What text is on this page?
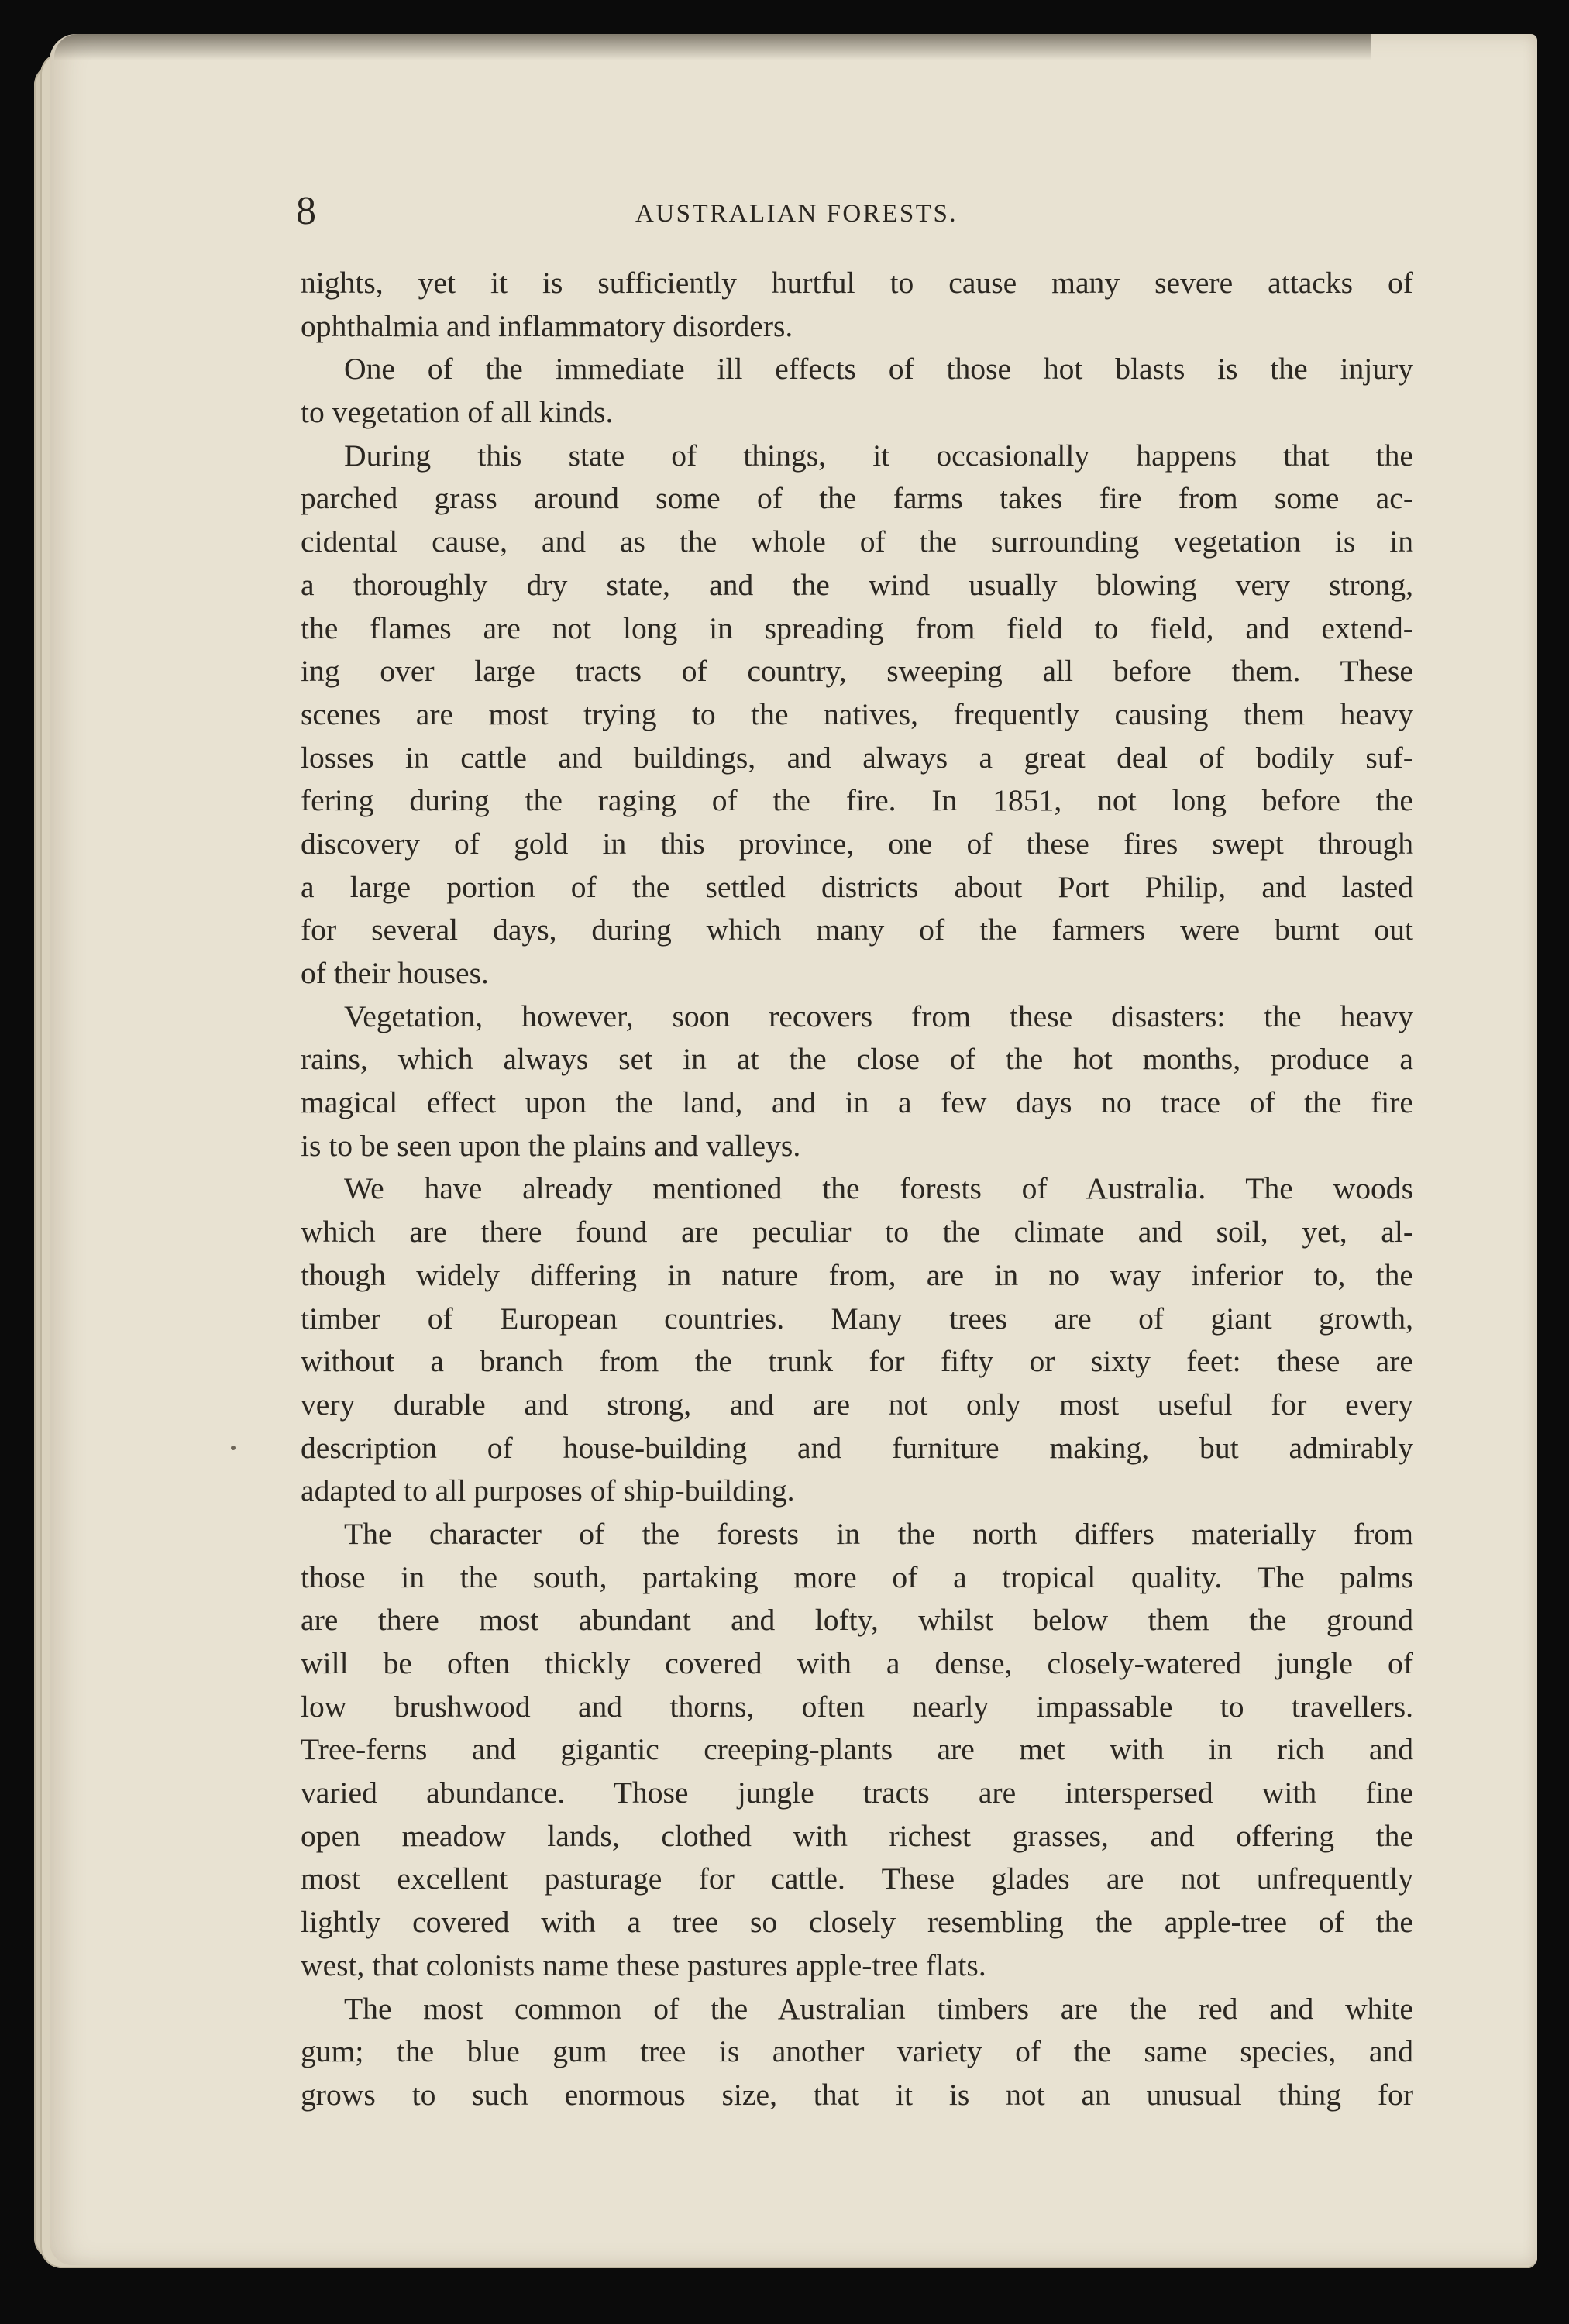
8	AUSTRALIAN FORESTS.
nights, yet it is sufficiently hurtful to cause many severe attacks of
ophthalmia and inflammatory disorders.
One of the immediate ill effects of those hot blasts is the injury
to vegetation of all kinds.
During this state of things, it occasionally happens that the
parched grass around some of the farms takes fire from some ac-
cidental cause, and as the whole of the surrounding vegetation is in
a thoroughly dry state, and the wind usually blowing very strong,
the flames are not long in spreading from field to field, and extend-
ing over large tracts of country, sweeping all before them. These
scenes are most trying to the natives, frequently causing them heavy
losses in cattle and buildings, and always a great deal of bodily suf-
fering during the raging of the fire. In 1851, not long before the
discovery of gold in this province, one of these fires swept through
a large portion of the settled districts about Port Philip, and lasted
for several days, during which many of the farmers were burnt out
of their houses.
Vegetation, however, soon recovers from these disasters: the heavy
rains, which always set in at the close of the hot months, produce a
magical effect upon the land, and in a few days no trace of the fire
is to be seen upon the plains and valleys.
We have already mentioned the forests of Australia. The woods
which are there found are peculiar to the climate and soil, yet, al-
though widely differing in nature from, are in no way inferior to, the
timber of European countries. Many trees are of giant growth,
without a branch from the trunk for fifty or sixty feet: these are
very durable and strong, and are not only most useful for every
description of house-building and furniture making, but admirably
adapted to all purposes of ship-building.
The character of the forests in the north differs materially from
those in the south, partaking more of a tropical quality. The palms
are there most abundant and lofty, whilst below them the ground
will be often thickly covered with a dense, closely-watered jungle of
low brushwood and thorns, often nearly impassable to travellers.
Tree-ferns and gigantic creeping-plants are met with in rich and
varied abundance. Those jungle tracts are interspersed with fine
open meadow lands, clothed with richest grasses, and offering the
most excellent pasturage for cattle. These glades are not unfrequently
lightly covered with a tree so closely resembling the apple-tree of the
west, that colonists name these pastures apple-tree flats.
The most common of the Australian timbers are the red and white
gum; the blue gum tree is another variety of the same species, and
grows to such enormous size, that it is not an unusual thing for
